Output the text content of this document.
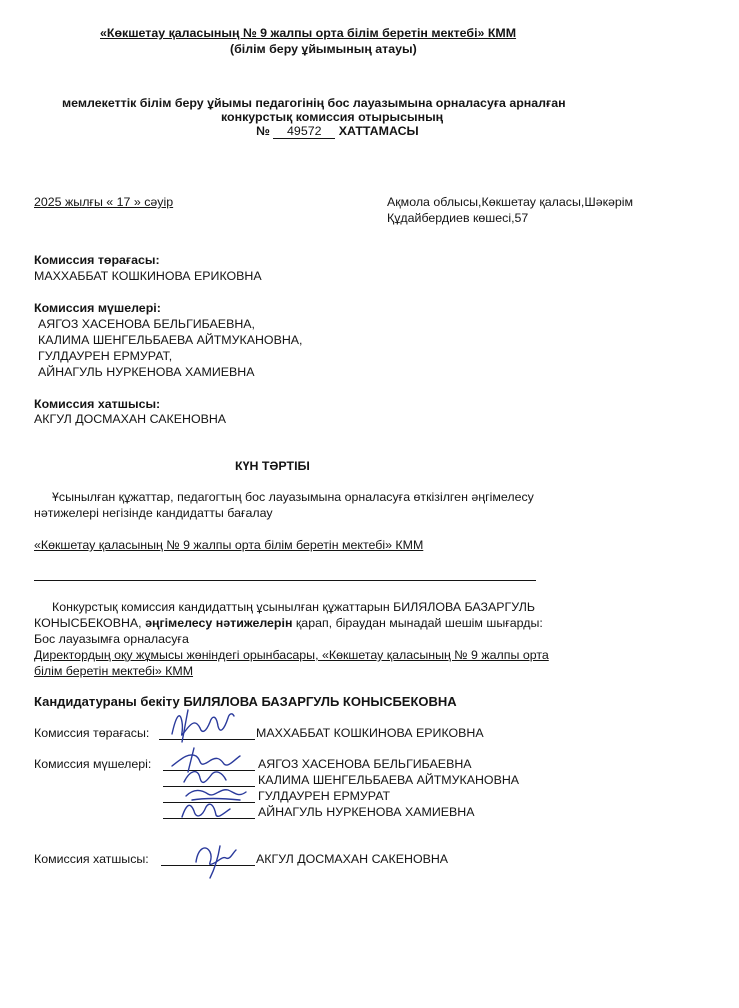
«Көкшетау қаласының № 9 жалпы орта білім беретін мектебі» КММ
(білім беру ұйымының атауы)
мемлекеттік білім беру ұйымы педагогінің бос лауазымына орналасуға арналған
конкурстық комиссия отырысының
№ 49572 ХАТТАМАСЫ
2025 жылғы « 17 » сәуір	Ақмола облысы,Көкшетау қаласы,Шәкәрім
Құдайбердиев көшесі,57
Комиссия төрағасы:
МАХХАББАТ КОШКИНОВА ЕРИКОВНА
Комиссия мүшелері:
АЯГОЗ ХАСЕНОВА БЕЛЬГИБАЕВНА,
КАЛИМА ШЕНГЕЛЬБАЕВА АЙТМУКАНОВНА,
ГУЛДАУРЕН ЕРМУРАТ,
АЙНАГУЛЬ НУРКЕНОВА ХАМИЕВНА
Комиссия хатшысы:
АКГУЛ ДОСМАХАН САКЕНОВНА
КҮН ТӘРТІБІ
Ұсынылған құжаттар, педагогтың бос лауазымына орналасуға өткізілген әңгімелесу
нәтижелері негізінде кандидатты бағалау
«Көкшетау қаласының № 9 жалпы орта білім беретін мектебі» КММ
Конкурстық комиссия кандидаттың ұсынылған құжаттарын БИЛЯЛОВА БАЗАРГУЛЬ
КОНЫСБЕКОВНА, әңгімелесу нәтижелерін қарап, біраудан мынадай шешім шығарды:
Бос лауазымға орналасуға
Директордың оқу жұмысы жөніндегі орынбасары, «Көкшетау қаласының № 9 жалпы орта
білім беретін мектебі» КММ
Кандидатураны бекіту БИЛЯЛОВА БАЗАРГУЛЬ КОНЫСБЕКОВНА
Комиссия төрағасы:	МАХХАББАТ КОШКИНОВА ЕРИКОВНА
Комиссия мүшелері:	АЯГОЗ ХАСЕНОВА БЕЛЬГИБАЕВНА
КАЛИМА ШЕНГЕЛЬБАЕВА АЙТМУКАНОВНА
ГУЛДАУРЕН ЕРМУРАТ
АЙНАГУЛЬ НУРКЕНОВА ХАМИЕВНА
Комиссия хатшысы:	АКГУЛ ДОСМАХАН САКЕНОВНА
